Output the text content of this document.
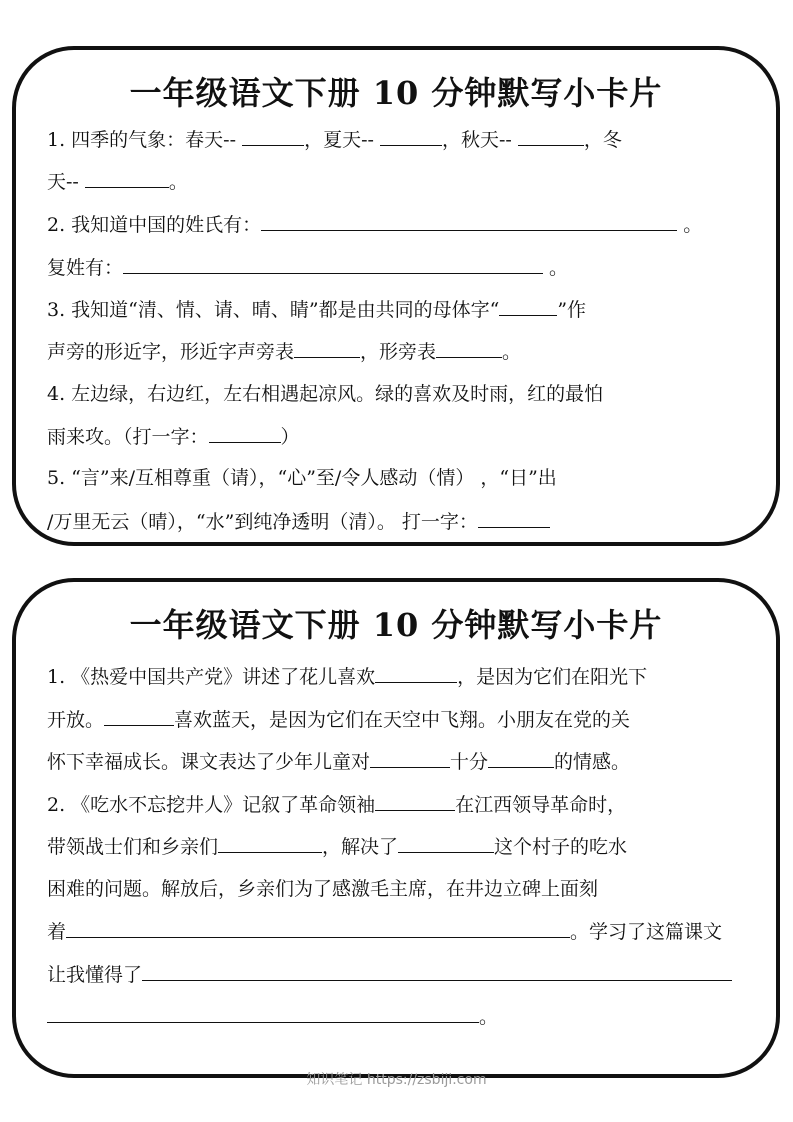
一年级语文下册 10 分钟默写小卡片
1. 四季的气象：春天--	，夏天--	，秋天--	，冬
天--	。
2. 我知道中国的姓氏有：	。
复姓有：	。
3. 我知道“清、情、请、晴、睛”都是由共同的母体字“	”作
声旁的形近字，形近字声旁表	，形旁表	。
4. 左边绿，右边红，左右相遇起凉风。绿的喜欢及时雨，红的最怕
雨来攻。（打一字：	）
5. “言”来/互相尊重（请），“心”至/令人感动（情） ，“日”出
/万里无云（晴），“水”到纯净透明（清）。 打一字：
一年级语文下册 10 分钟默写小卡片
1. 《热爱中国共产党》讲述了花儿喜欢	，是因为它们在阳光下
开放。	喜欢蓝天，是因为它们在天空中飞翔。小朋友在党的关
怀下幸福成长。课文表达了少年儿童对	十分	的情感。
2. 《吃水不忘挖井人》记叙了革命领袖	在江西领导革命时，
带领战士们和乡亲们	，解决了	这个村子的吃水
困难的问题。解放后，乡亲们为了感激毛主席，在井边立碑上面刻
着	。学习了这篇课文
让我懂得了
。
知识笔记 https://zsbiji.com
